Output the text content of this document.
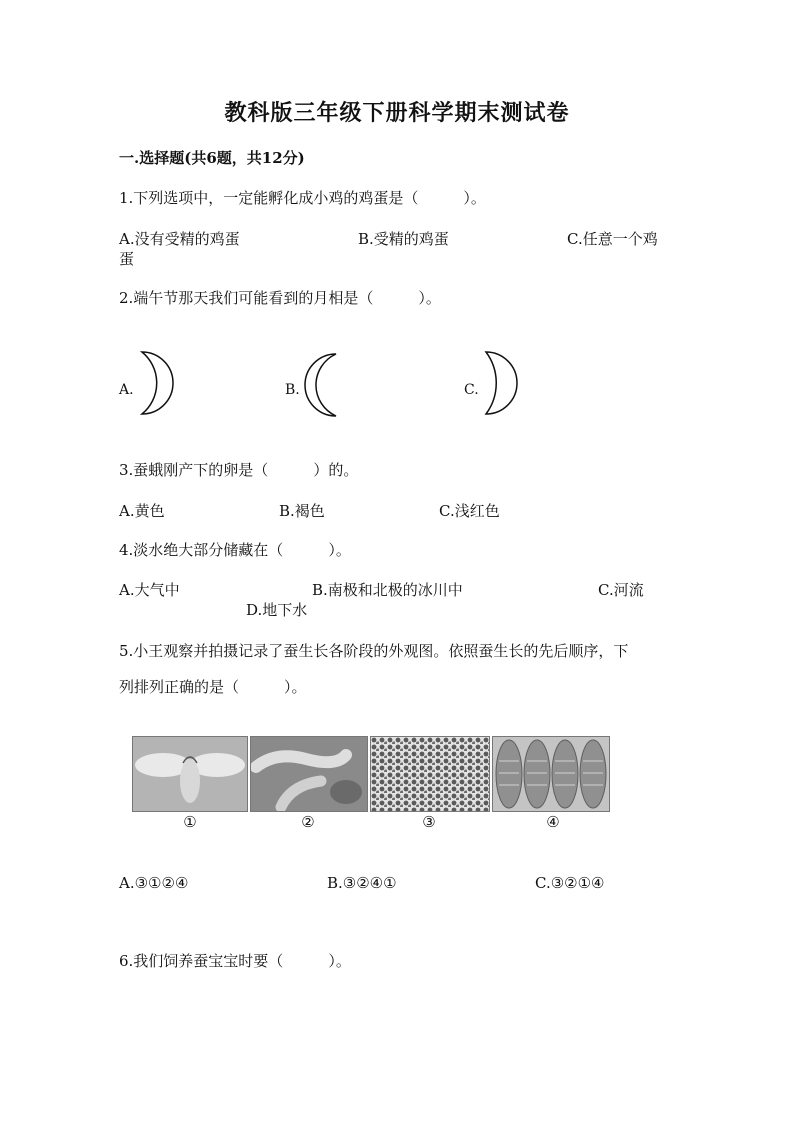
教科版三年级下册科学期末测试卷
一.选择题(共6题，共12分)
1.下列选项中，一定能孵化成小鸡的鸡蛋是（　　　）。
A.没有受精的鸡蛋	B.受精的鸡蛋	C.任意一个鸡
蛋
2.端午节那天我们可能看到的月相是（　　　）。
A.	B.	C.
3.蚕蛾刚产下的卵是（　　　）的。
A.黄色	B.褐色	C.浅红色
4.淡水绝大部分储藏在（　　　）。
A.大气中	B.南极和北极的冰川中	C.河流
D.地下水
5.小王观察并拍摄记录了蚕生长各阶段的外观图。依照蚕生长的先后顺序，下
列排列正确的是（　　　）。
①	②	③	④
A.③①②④	B.③②④①	C.③②①④
6.我们饲养蚕宝宝时要（　　　）。
